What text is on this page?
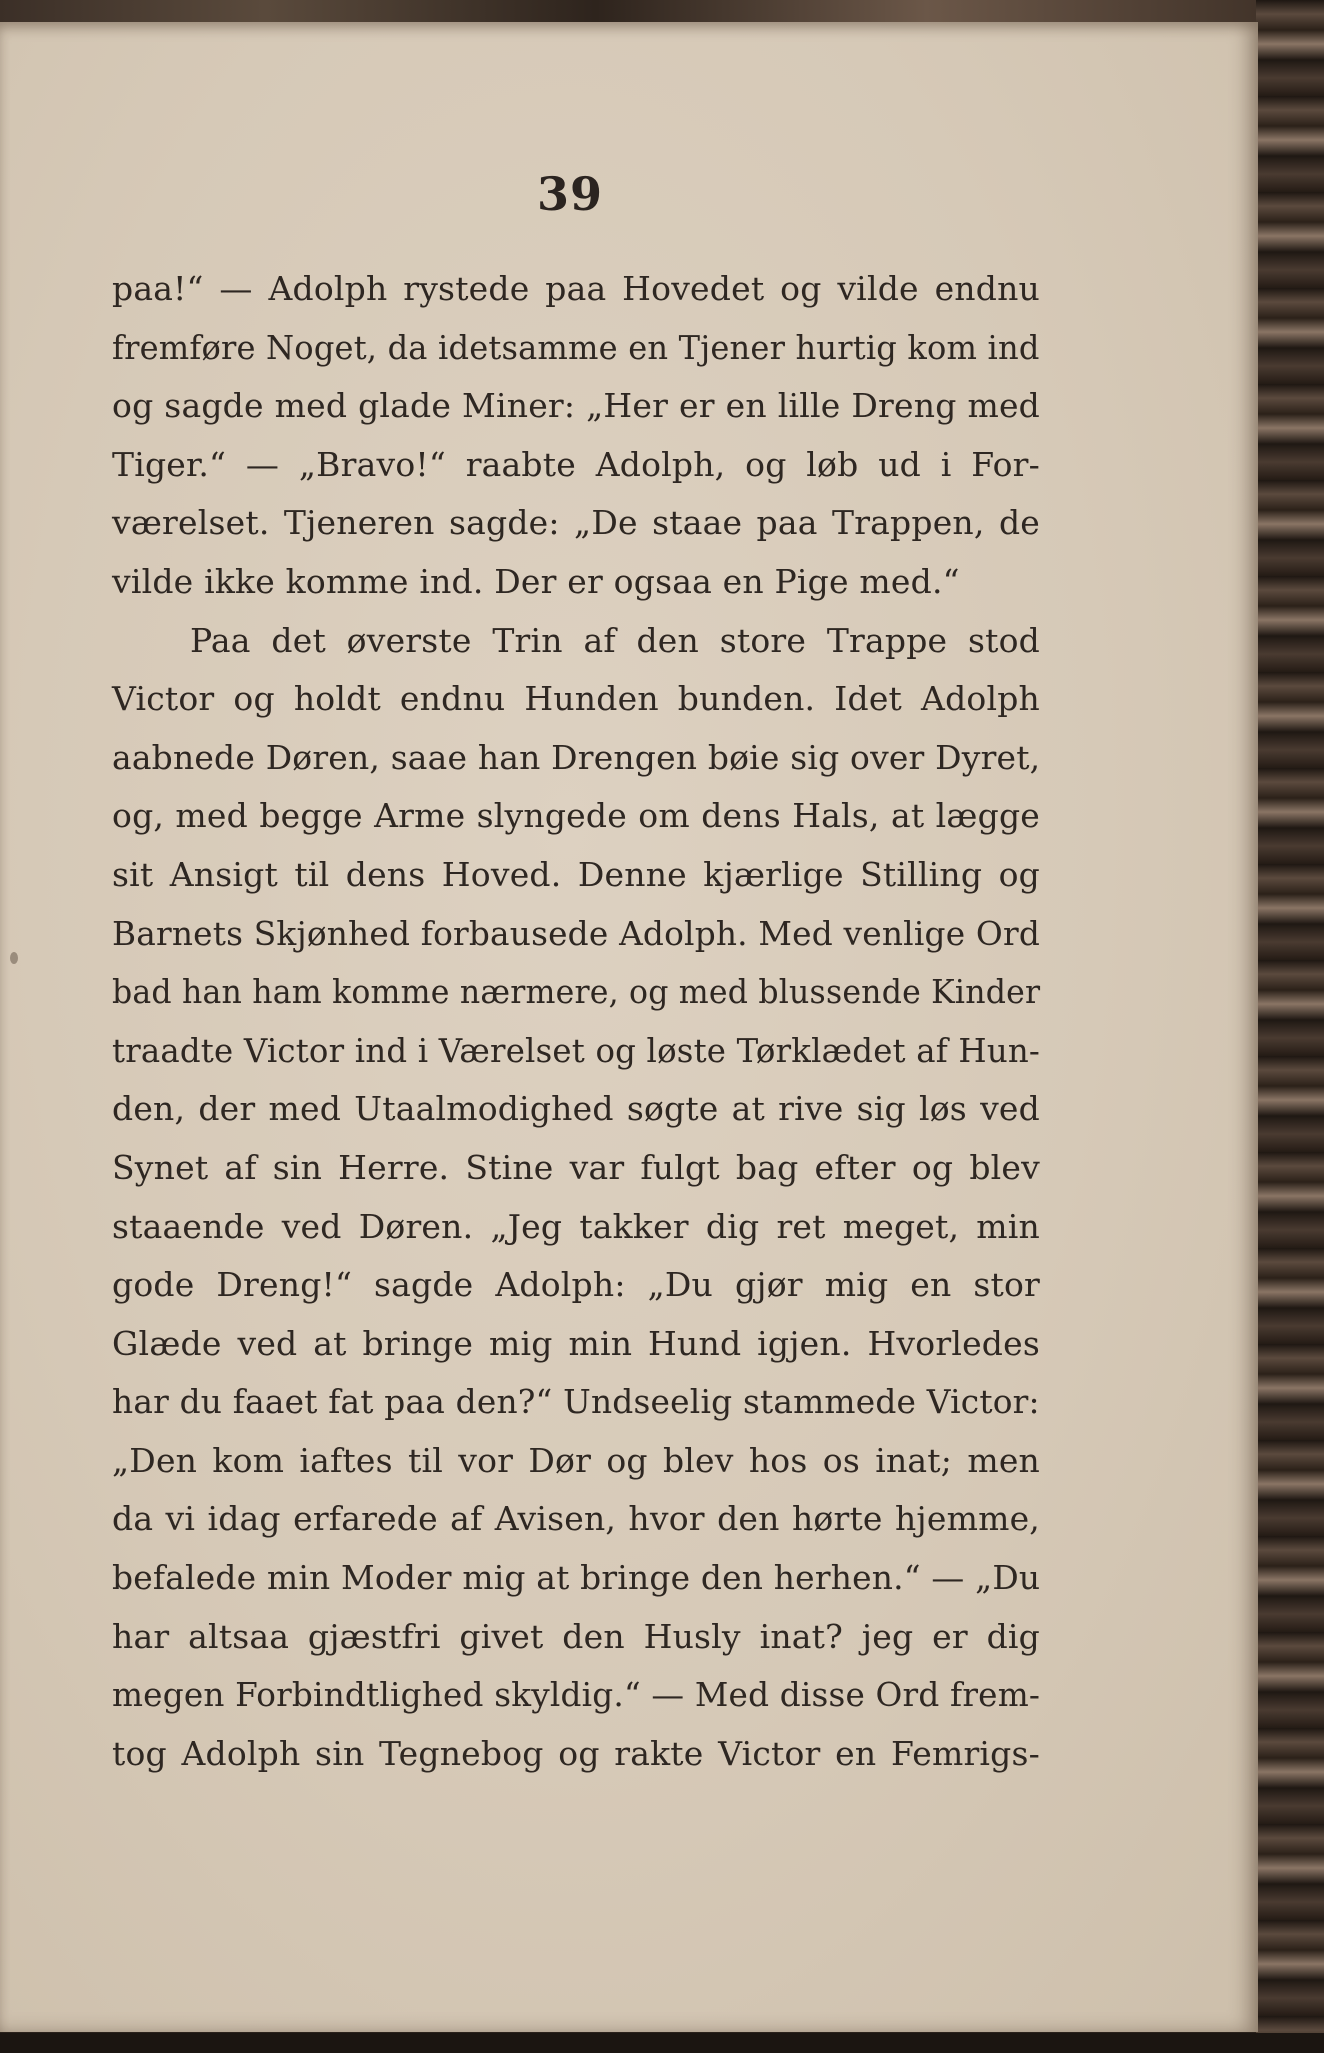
39
paa!“ — Adolph rystede paa Hovedet og vilde endnu
fremføre Noget, da idetsamme en Tjener hurtig kom ind
og sagde med glade Miner: „Her er en lille Dreng med
Tiger.“ — „Bravo!“ raabte Adolph, og løb ud i For-
værelset. Tjeneren sagde: „De staae paa Trappen, de
vilde ikke komme ind. Der er ogsaa en Pige med.“
Paa det øverste Trin af den store Trappe stod
Victor og holdt endnu Hunden bunden. Idet Adolph
aabnede Døren, saae han Drengen bøie sig over Dyret,
og, med begge Arme slyngede om dens Hals, at lægge
sit Ansigt til dens Hoved. Denne kjærlige Stilling og
Barnets Skjønhed forbausede Adolph. Med venlige Ord
bad han ham komme nærmere, og med blussende Kinder
traadte Victor ind i Værelset og løste Tørklædet af Hun-
den, der med Utaalmodighed søgte at rive sig løs ved
Synet af sin Herre. Stine var fulgt bag efter og blev
staaende ved Døren. „Jeg takker dig ret meget, min
gode Dreng!“ sagde Adolph: „Du gjør mig en stor
Glæde ved at bringe mig min Hund igjen. Hvorledes
har du faaet fat paa den?“ Undseelig stammede Victor:
„Den kom iaftes til vor Dør og blev hos os inat; men
da vi idag erfarede af Avisen, hvor den hørte hjemme,
befalede min Moder mig at bringe den herhen.“ — „Du
har altsaa gjæstfri givet den Husly inat? jeg er dig
megen Forbindtlighed skyldig.“ — Med disse Ord frem-
tog Adolph sin Tegnebog og rakte Victor en Femrigs-
